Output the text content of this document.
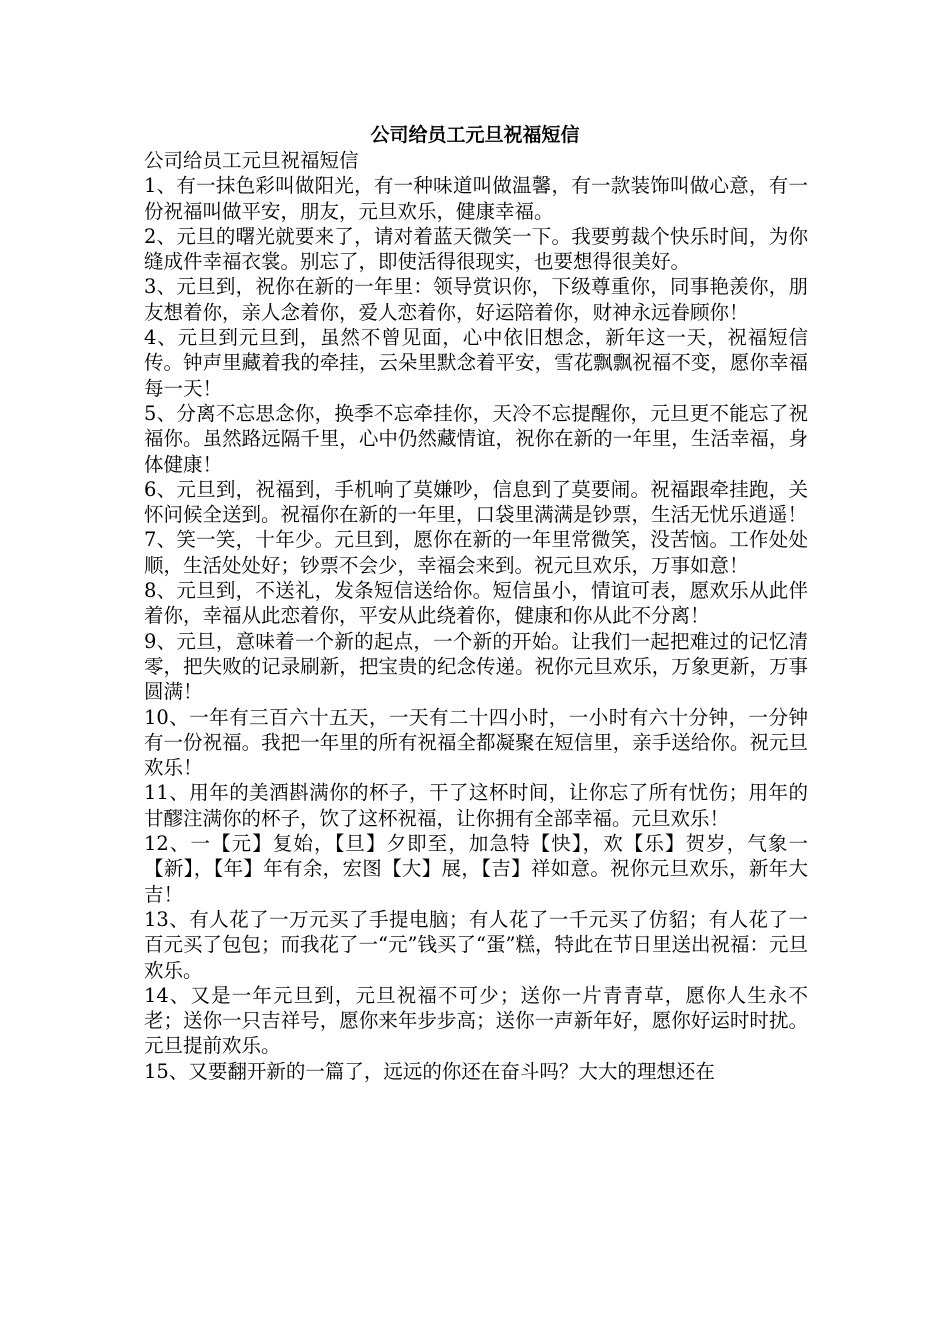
公司给员工元旦祝福短信

公司给员工元旦祝福短信

1、有一抹色彩叫做阳光，有一种味道叫做温馨，有一款装饰叫做心意，有一份祝福叫做平安，朋友，元旦欢乐，健康幸福。

2、元旦的曙光就要来了，请对着蓝天微笑一下。我要剪裁个快乐时间，为你缝成件幸福衣裳。别忘了，即使活得很现实，也要想得很美好。

3、元旦到，祝你在新的一年里：领导赏识你，下级尊重你，同事艳羡你，朋友想着你，亲人念着你，爱人恋着你，好运陪着你，财神永远眷顾你！

4、元旦到元旦到，虽然不曾见面，心中依旧想念，新年这一天，祝福短信传。钟声里藏着我的牵挂，云朵里默念着平安，雪花飘飘祝福不变，愿你幸福每一天！

5、分离不忘思念你，换季不忘牵挂你，天冷不忘提醒你，元旦更不能忘了祝福你。虽然路远隔千里，心中仍然藏情谊，祝你在新的一年里，生活幸福，身体健康！

6、元旦到，祝福到，手机响了莫嫌吵，信息到了莫要闹。祝福跟牵挂跑，关怀问候全送到。祝福你在新的一年里，口袋里满满是钞票，生活无忧乐逍遥！

7、笑一笑，十年少。元旦到，愿你在新的一年里常微笑，没苦恼。工作处处顺，生活处处好；钞票不会少，幸福会来到。祝元旦欢乐，万事如意！

8、元旦到，不送礼，发条短信送给你。短信虽小，情谊可表，愿欢乐从此伴着你，幸福从此恋着你，平安从此绕着你，健康和你从此不分离！

9、元旦，意味着一个新的起点，一个新的开始。让我们一起把难过的记忆清零，把失败的记录刷新，把宝贵的纪念传递。祝你元旦欢乐，万象更新，万事圆满！

10、一年有三百六十五天，一天有二十四小时，一小时有六十分钟，一分钟有一份祝福。我把一年里的所有祝福全都凝聚在短信里，亲手送给你。祝元旦欢乐！

11、用年的美酒斟满你的杯子，干了这杯时间，让你忘了所有忧伤；用年的甘醪注满你的杯子，饮了这杯祝福，让你拥有全部幸福。元旦欢乐！

12、一【元】复始，【旦】夕即至，加急特【快】，欢【乐】贺岁，气象一【新】，【年】年有余，宏图【大】展，【吉】祥如意。祝你元旦欢乐，新年大吉！

13、有人花了一万元买了手提电脑；有人花了一千元买了仿貂；有人花了一百元买了包包；而我花了一“元”钱买了“蛋”糕，特此在节日里送出祝福：元旦欢乐。

14、又是一年元旦到，元旦祝福不可少；送你一片青青草，愿你人生永不老；送你一只吉祥号，愿你来年步步高；送你一声新年好，愿你好运时时扰。元旦提前欢乐。

15、又要翻开新的一篇了，远远的你还在奋斗吗？大大的理想还在
